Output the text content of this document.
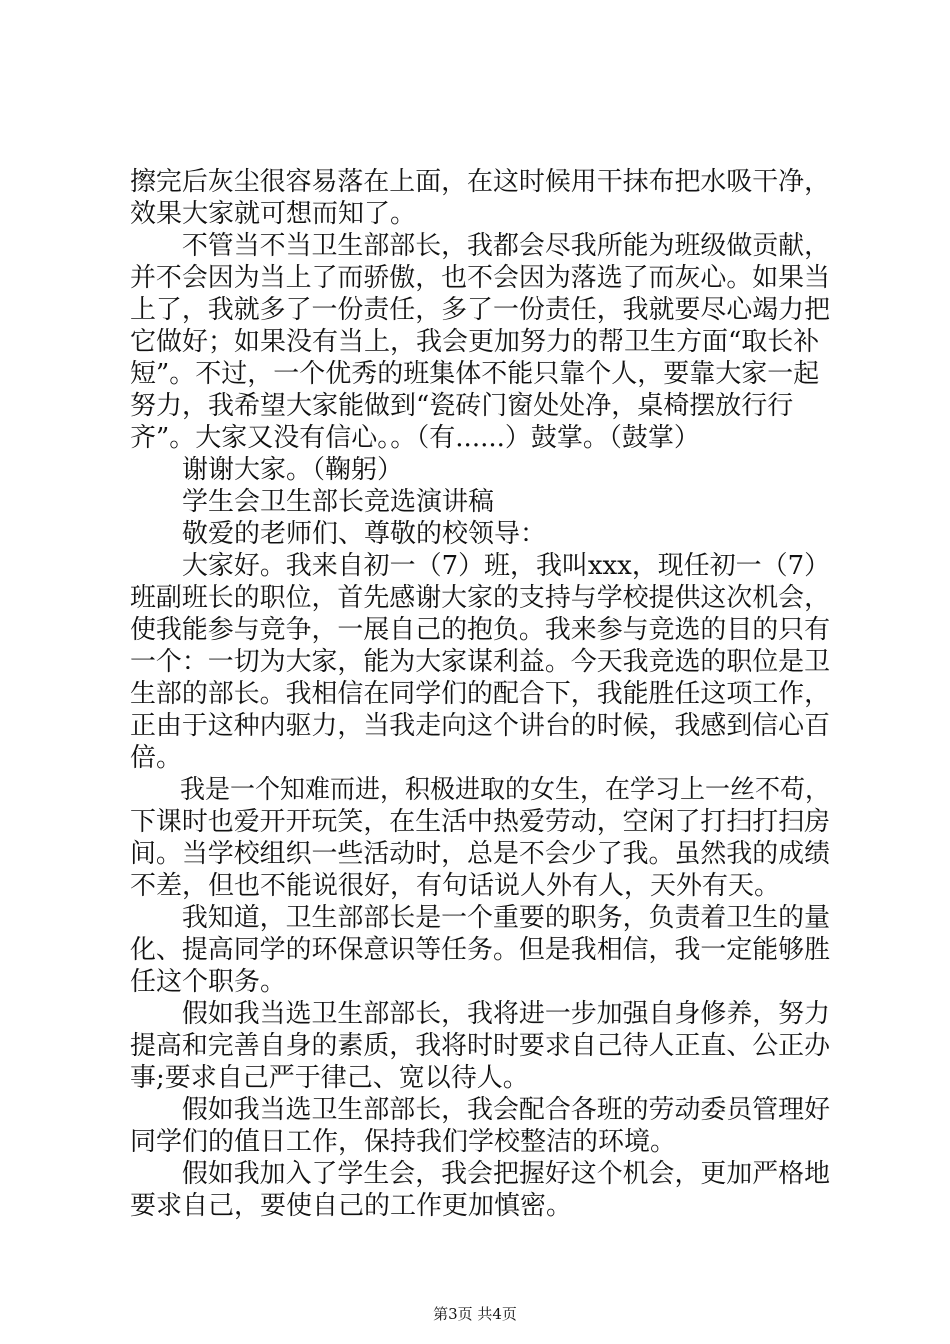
擦完后灰尘很容易落在上面，在这时候用干抹布把水吸干净，
效果大家就可想而知了。
　　不管当不当卫生部部长，我都会尽我所能为班级做贡献，
并不会因为当上了而骄傲，也不会因为落选了而灰心。如果当
上了，我就多了一份责任，多了一份责任，我就要尽心竭力把
它做好；如果没有当上，我会更加努力的帮卫生方面“取长补
短”。不过，一个优秀的班集体不能只靠个人，要靠大家一起
努力，我希望大家能做到“瓷砖门窗处处净，桌椅摆放行行
齐”。大家又没有信心。。（有......）鼓掌。（鼓掌）
　　谢谢大家。（鞠躬）
　　学生会卫生部长竞选演讲稿
　　敬爱的老师们、尊敬的校领导：
　　大家好。我来自初一（7）班，我叫xxx，现任初一（7）
班副班长的职位，首先感谢大家的支持与学校提供这次机会，
使我能参与竞争，一展自己的抱负。我来参与竞选的目的只有
一个：一切为大家，能为大家谋利益。今天我竞选的职位是卫
生部的部长。我相信在同学们的配合下，我能胜任这项工作，
正由于这种内驱力，当我走向这个讲台的时候，我感到信心百
倍。
　　我是一个知难而进，积极进取的女生，在学习上一丝不苟，
下课时也爱开开玩笑，在生活中热爱劳动，空闲了打扫打扫房
间。当学校组织一些活动时，总是不会少了我。虽然我的成绩
不差，但也不能说很好，有句话说人外有人，天外有天。
　　我知道，卫生部部长是一个重要的职务，负责着卫生的量
化、提高同学的环保意识等任务。但是我相信，我一定能够胜
任这个职务。
　　假如我当选卫生部部长，我将进一步加强自身修养，努力
提高和完善自身的素质，我将时时要求自己待人正直、公正办
事;要求自己严于律己、宽以待人。
　　假如我当选卫生部部长，我会配合各班的劳动委员管理好
同学们的值日工作，保持我们学校整洁的环境。
　　假如我加入了学生会，我会把握好这个机会，更加严格地
要求自己，要使自己的工作更加慎密。
第3页 共4页
